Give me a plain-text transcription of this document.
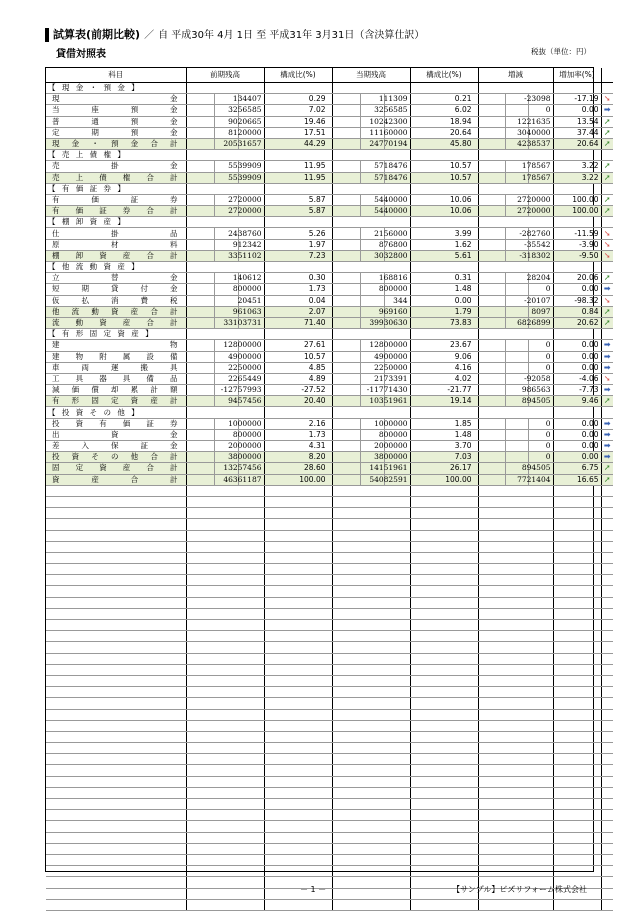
試算表(前期比較) ／ 自 平成30年 4月 1日 至 平成31年 3月31日（含決算仕訳）
貸借対照表	税抜（単位：円）
科目	前期残高	構成比(%)	当期残高	構成比(%)	増減	増加率(%)	
【 現 金 ・ 預 金 】							

現　金	134407	0.29	111309	0.21	-23098	-17.19	➘

当座預金	3256585	7.02	3256585	6.02	0	0.00	➡

普通預金	9020665	19.46	10242300	18.94	1221635	13.54	➚

定期預金	8120000	17.51	11160000	20.64	3040000	37.44	➚

現金・預金合計	20531657	44.29	24770194	45.80	4238537	20.64	➚
【 売 上 債 権 】							

売　掛　金	5539909	11.95	5718476	10.57	178567	3.22	➚

売上債権合計	5539909	11.95	5718476	10.57	178567	3.22	➚
【 有 価 証 券 】							

有価証券	2720000	5.87	5440000	10.06	2720000	100.00	➚

有価証券合計	2720000	5.87	5440000	10.06	2720000	100.00	➚
【 棚 卸 資 産 】							

仕　掛　品	2438760	5.26	2156000	3.99	-282760	-11.59	➘

原　材　料	912342	1.97	876800	1.62	-35542	-3.90	➘

棚卸資産合計	3351102	7.23	3032800	5.61	-318302	-9.50	➘
【 他 流 動 資 産 】							

立　替　金	140612	0.30	168816	0.31	28204	20.06	➚

短期貸付金	800000	1.73	800000	1.48	0	0.00	➡

仮払消費税	20451	0.04	344	0.00	-20107	-98.32	➘

他流動資産合計	961063	2.07	969160	1.79	8097	0.84	➚

流動資産合計	33103731	71.40	39930630	73.83	6826899	20.62	➚
【 有 形 固 定 資 産 】							

建　　物	12800000	27.61	12800000	23.67	0	0.00	➡

建物附属設備	4900000	10.57	4900000	9.06	0	0.00	➡

車両運搬具	2250000	4.85	2250000	4.16	0	0.00	➡

工具器具備品	2265449	4.89	2173391	4.02	-92058	-4.06	➘

減価償却累計額	-12757993	-27.52	-11771430	-21.77	986563	-7.73	➡

有形固定資産計	9457456	20.40	10351961	19.14	894505	9.46	➚
【 投 資 そ の 他 】							

投資有価証券	1000000	2.16	1000000	1.85	0	0.00	➡

出　資　金	800000	1.73	800000	1.48	0	0.00	➡

差入保証金	2000000	4.31	2000000	3.70	0	0.00	➡

投資その他合計	3800000	8.20	3800000	7.03	0	0.00	➡

固定資産合計	13257456	28.60	14151961	26.17	894505	6.75	➚

資　産　合　計	46361187	100.00	54082591	100.00	7721404	16.65	➚

－ 1 －	【サンプル】ビズリフォーム株式会社
